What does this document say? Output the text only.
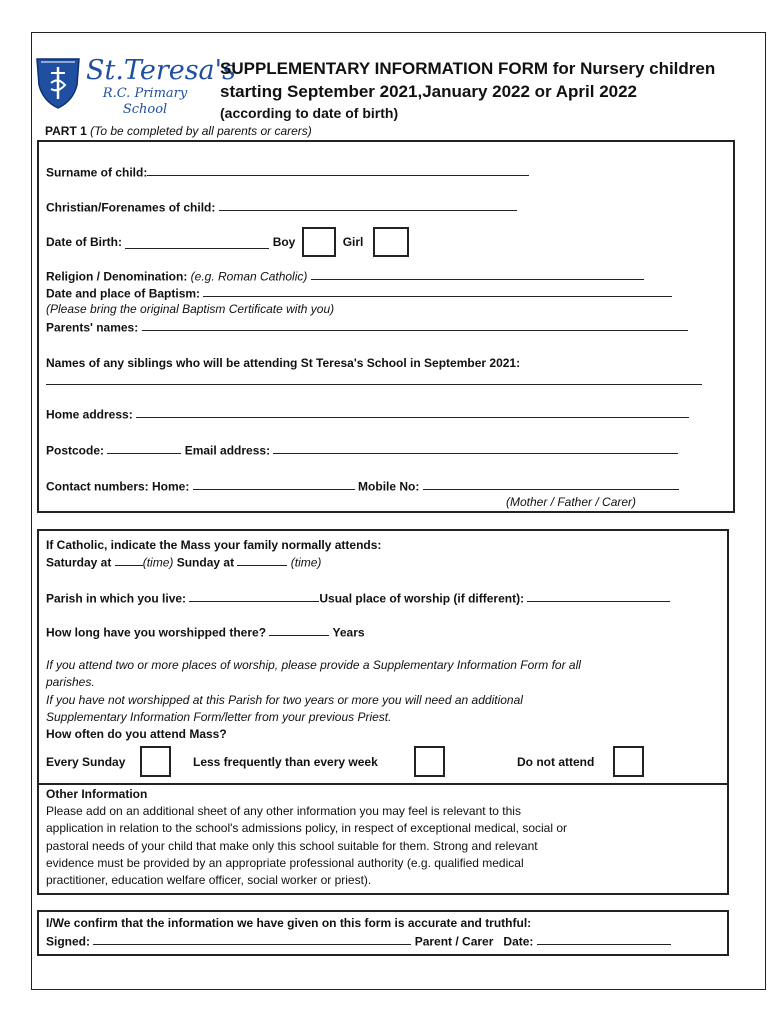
St.Teresa's
R.C. Primary School
SUPPLEMENTARY INFORMATION FORM for Nursery children
starting September 2021,January 2022 or April 2022
(according to date of birth)
PART 1 (To be completed by all parents or carers)
Surname of child:
Christian/Forenames of child:
Date of Birth:

	Boy

	Girl

Religion / Denomination: (e.g. Roman Catholic)
Date and place of Baptism:
(Please bring the original Baptism Certificate with you)
Parents' names:
Names of any siblings who will be attending St Teresa's School in September 2021:
Home address:
Postcode:	Email address:
Contact numbers: Home:	Mobile No:
(Mother / Father / Carer)
If Catholic, indicate the Mass your family normally attends:
Saturday at	(time) Sunday at	(time)
Parish in which you live:	Usual place of worship (if different):
How long have you worshipped there?	Years
If you attend two or more places of worship, please provide a Supplementary Information Form for all
parishes.
If you have not worshipped at this Parish for two years or more you will need an additional
Supplementary Information Form/letter from your previous Priest.
How often do you attend Mass?
Every Sunday	Less frequently than every week	Do not attend
Other Information
Please add on an additional sheet of any other information you may feel is relevant to this
application in relation to the school's admissions policy, in respect of exceptional medical, social or
pastoral needs of your child that make only this school suitable for them. Strong and relevant
evidence must be provided by an appropriate professional authority (e.g. qualified medical
practitioner, education welfare officer, social worker or priest).
I/We confirm that the information we have given on this form is accurate and truthful:
Signed:	Parent / Carer Date:
